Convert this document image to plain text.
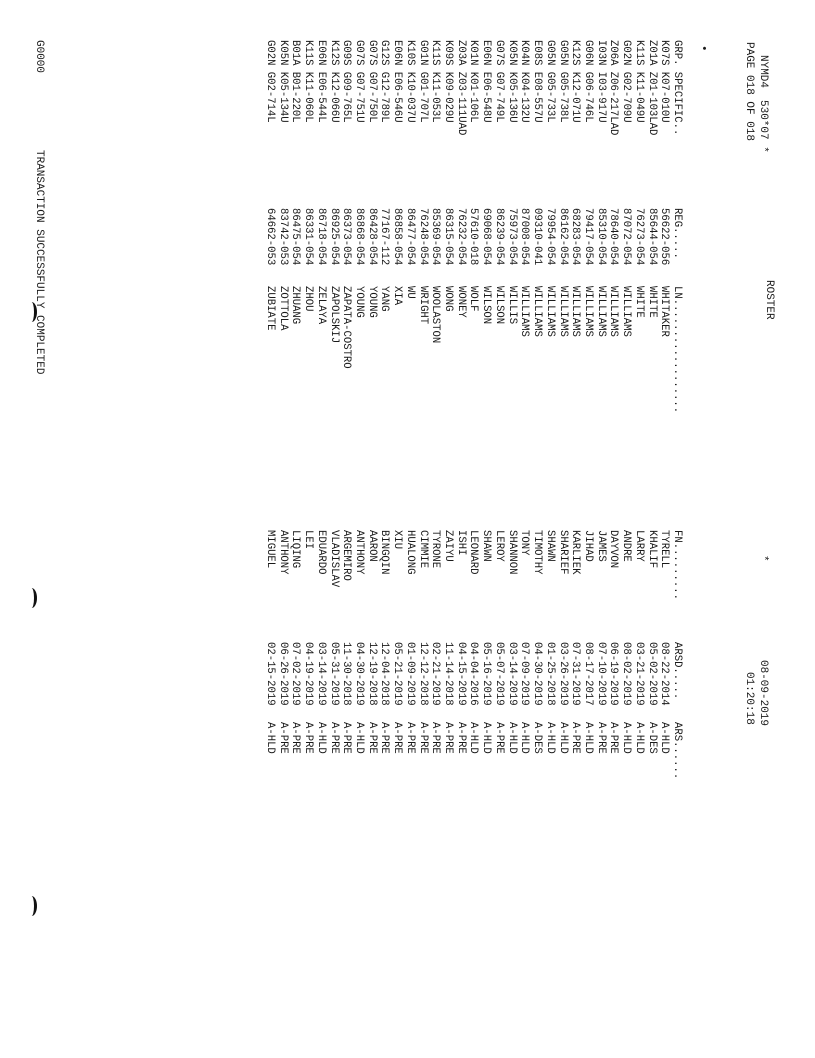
NYMD4
530*07 *
ROSTER
*
08-09-2019
01:20:18
PAGE 018 OF 018
•
GRP. SPECIFIC..	REG.....	LN..................	FN.........	ARSD.....	ARS......
K07S K07-010U	56622-056	WHITAKER	TYRELL	08-22-2014	A-HLD
Z01A Z01-103LAD	85644-054	WHITE	KHALIF	05-02-2019	A-DES
K11S K11-049U	76273-054	WHITE	LARRY	03-21-2019	A-HLD
G02N G02-709U	87072-054	WILLIAMS	ANDRE	08-02-2019	A-HLD
Z06A Z06-217LAD	78640-054	WILLIAMS	DAYVON	06-19-2019	A-PRE
I03N I03-917U	85310-054	WILLIAMS	JAMES	07-10-2019	A-PRE
G06N G06-746L	79417-054	WILLIAMS	JIHAD	08-17-2017	A-HLD
K12S K12-071U	68283-054	WILLIAMS	KARLIEK	07-31-2019	A-PRE
G05N G05-738L	86162-054	WILLIAMS	SHARIEF	03-26-2019	A-HLD
G05N G05-733L	79954-054	WILLIAMS	SHAWN	01-25-2018	A-HLD
E08S E08-557U	09310-041	WILLIAMS	TIMOTHY	04-30-2019	A-DES
K04N K04-132U	87008-054	WILLIAMS	TONY	07-09-2019	A-HLD
K05N K05-136U	75973-054	WILLIS	SHANNON	03-14-2019	A-HLD
G07S G07-749L	86239-054	WILSON	LEROY	05-07-2019	A-PRE
E06N E06-548U	69068-054	WILSON	SHAWN	05-16-2019	A-HLD
K01N K01-106L	57610-018	WOLF	LEONARD	04-04-2016	A-HLD
Z03A Z03-111UAD	76232-054	WONEY	ISHI	04-15-2019	A-PRE
K09S K09-029U	86315-054	WONG	ZAIYU	11-14-2018	A-PRE
K11S K11-053L	85369-054	WOOLASTON	TYRONE	02-21-2019	A-PRE
G01N G01-707L	76248-054	WRIGHT	CIMMIE	12-12-2018	A-PRE
K10S K10-037U	86477-054	WU	HUALONG	01-09-2019	A-PRE
E06N E06-546U	86858-054	XIA	XIU	05-21-2019	A-PRE
G12S G12-789L	77167-112	YANG	BINGQIN	12-04-2018	A-PRE
G07S G07-750L	86428-054	YOUNG	AARON	12-19-2018	A-PRE
G07S G07-751U	86868-054	YOUNG	ANTHONY	04-30-2019	A-HLD
G09S G09-765L	86373-054	ZAPATA-COSTRO	ARGEMIRO	11-30-2018	A-PRE
K12S K12-066U	86925-054	ZAPOLSKIJ	VLADISLAV	05-31-2019	A-PRE
E06N E06-544L	86718-054	ZELAYA	EDUARDO	03-14-2019	A-HLD
K11S K11-060L	86331-054	ZHOU	LEI	04-19-2019	A-PRE
B01A B01-220L	86475-054	ZHUANG	LIQING	07-02-2019	A-PRE
K05N K05-134U	83742-053	ZOTTOLA	ANTHONY	06-26-2019	A-PRE
G02N G02-714L	64662-053	ZUBIATE	MIGUEL	02-15-2019	A-HLD
G0000
TRANSACTION SUCCESSFULLY COMPLETED
